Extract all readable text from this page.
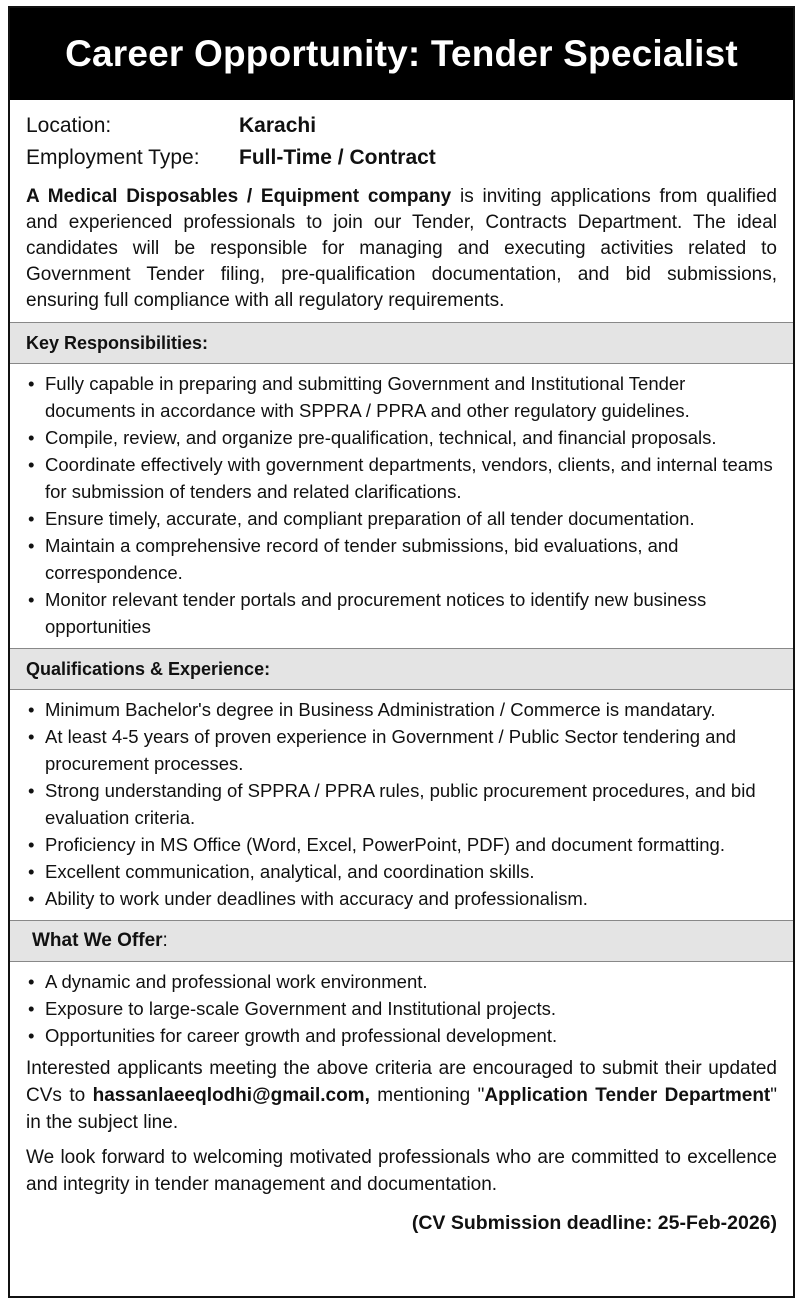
Career Opportunity: Tender Specialist
Location:	Karachi
Employment Type:	Full-Time / Contract
A Medical Disposables / Equipment company is inviting applications from qualified and experienced professionals to join our Tender, Contracts Department. The ideal candidates will be responsible for managing and executing activities related to Government Tender filing, pre-qualification documentation, and bid submissions, ensuring full compliance with all regulatory requirements.
Key Responsibilities:
• Fully capable in preparing and submitting Government and Institutional Tender documents in accordance with SPPRA / PPRA and other regulatory guidelines.
• Compile, review, and organize pre-qualification, technical, and financial proposals.
• Coordinate effectively with government departments, vendors, clients, and internal teams for submission of tenders and related clarifications.
• Ensure timely, accurate, and compliant preparation of all tender documentation.
• Maintain a comprehensive record of tender submissions, bid evaluations, and correspondence.
• Monitor relevant tender portals and procurement notices to identify new business opportunities
Qualifications & Experience:
• Minimum Bachelor's degree in Business Administration / Commerce is mandatary.
• At least 4-5 years of proven experience in Government / Public Sector tendering and procurement processes.
• Strong understanding of SPPRA / PPRA rules, public procurement procedures, and bid evaluation criteria.
• Proficiency in MS Office (Word, Excel, PowerPoint, PDF) and document formatting.
• Excellent communication, analytical, and coordination skills.
• Ability to work under deadlines with accuracy and professionalism.
What We Offer :
• A dynamic and professional work environment.
• Exposure to large-scale Government and Institutional projects.
• Opportunities for career growth and professional development.
Interested applicants meeting the above criteria are encouraged to submit their updated CVs to hassanlaeeqlodhi@gmail.com, mentioning "Application Tender Department" in the subject line.
We look forward to welcoming motivated professionals who are committed to excellence and integrity in tender management and documentation.
(CV Submission deadline: 25-Feb-2026)
